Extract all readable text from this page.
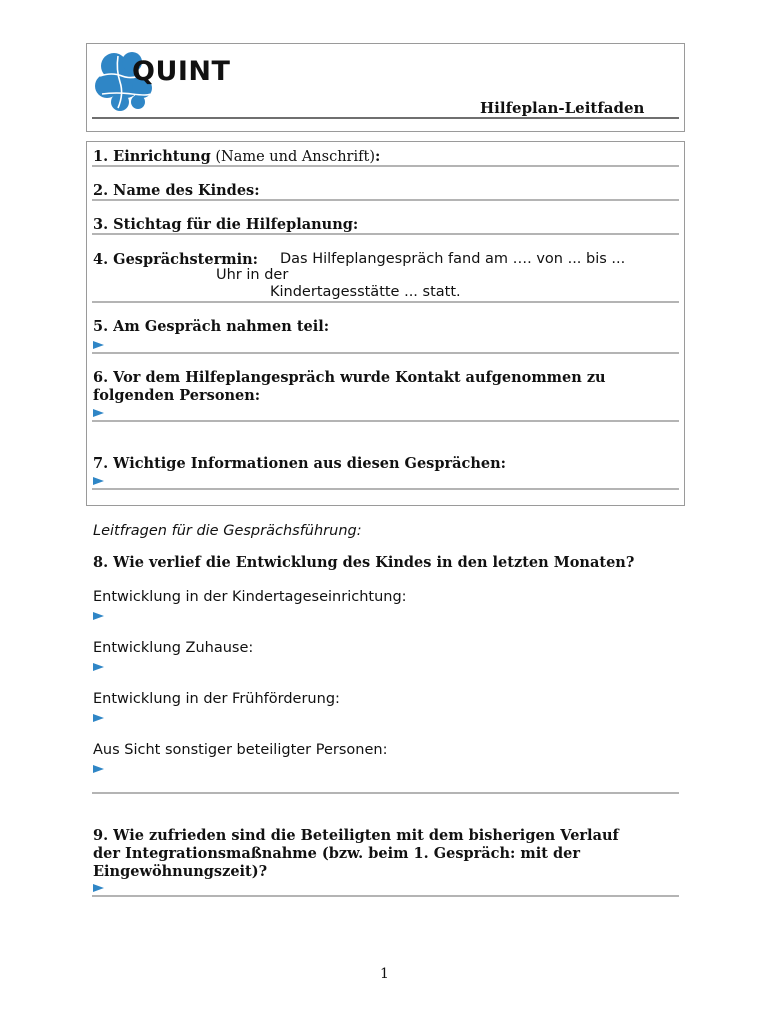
QUINT
Hilfeplan-Leitfaden
1. Einrichtung (Name und Anschrift):
2. Name des Kindes:
3. Stichtag für die Hilfeplanung:
4. Gesprächstermin: Das Hilfeplangespräch fand am …. von ... bis ...
Uhr in der
Kindertagesstätte ... statt.
5. Am Gespräch nahmen teil:
6. Vor dem Hilfeplangespräch wurde Kontakt aufgenommen zu
folgenden Personen:
7. Wichtige Informationen aus diesen Gesprächen:
Leitfragen für die Gesprächsführung:
8. Wie verlief die Entwicklung des Kindes in den letzten Monaten?
Entwicklung in der Kindertageseinrichtung:
Entwicklung Zuhause:
Entwicklung in der Frühförderung:
Aus Sicht sonstiger beteiligter Personen:
9. Wie zufrieden sind die Beteiligten mit dem bisherigen Verlauf
der Integrationsmaßnahme (bzw. beim 1. Gespräch: mit der
Eingewöhnungszeit)?
1
